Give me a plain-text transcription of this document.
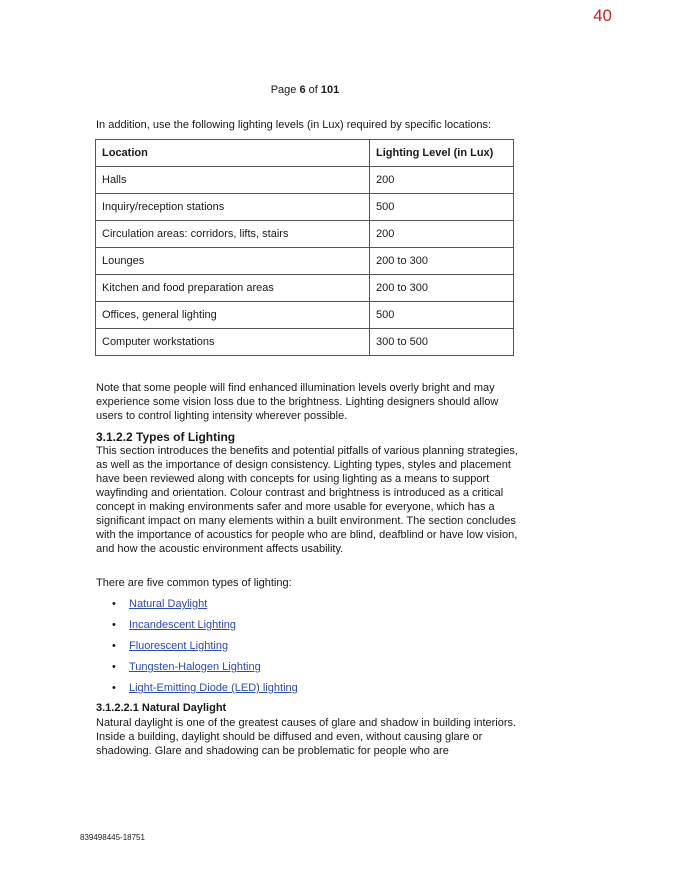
40
Page 6 of 101
In addition, use the following lighting levels (in Lux) required by specific locations:
Location	Lighting Level (in Lux)
Halls	200
Inquiry/reception stations	500
Circulation areas: corridors, lifts, stairs	200
Lounges	200 to 300
Kitchen and food preparation areas	200 to 300
Offices, general lighting	500
Computer workstations	300 to 500
Note that some people will find enhanced illumination levels overly bright and may experience some vision loss due to the brightness. Lighting designers should allow users to control lighting intensity wherever possible.
3.1.2.2 Types of Lighting
This section introduces the benefits and potential pitfalls of various planning strategies, as well as the importance of design consistency. Lighting types, styles and placement have been reviewed along with concepts for using lighting as a means to support wayfinding and orientation. Colour contrast and brightness is introduced as a critical concept in making environments safer and more usable for everyone, which has a significant impact on many elements within a built environment. The section concludes with the importance of acoustics for people who are blind, deafblind or have low vision, and how the acoustic environment affects usability.
There are five common types of lighting:
• Natural Daylight
• Incandescent Lighting
• Fluorescent Lighting
• Tungsten-Halogen Lighting
• Light-Emitting Diode (LED) lighting
3.1.2.2.1 Natural Daylight
Natural daylight is one of the greatest causes of glare and shadow in building interiors. Inside a building, daylight should be diffused and even, without causing glare or shadowing. Glare and shadowing can be problematic for people who are
839498445-18751
